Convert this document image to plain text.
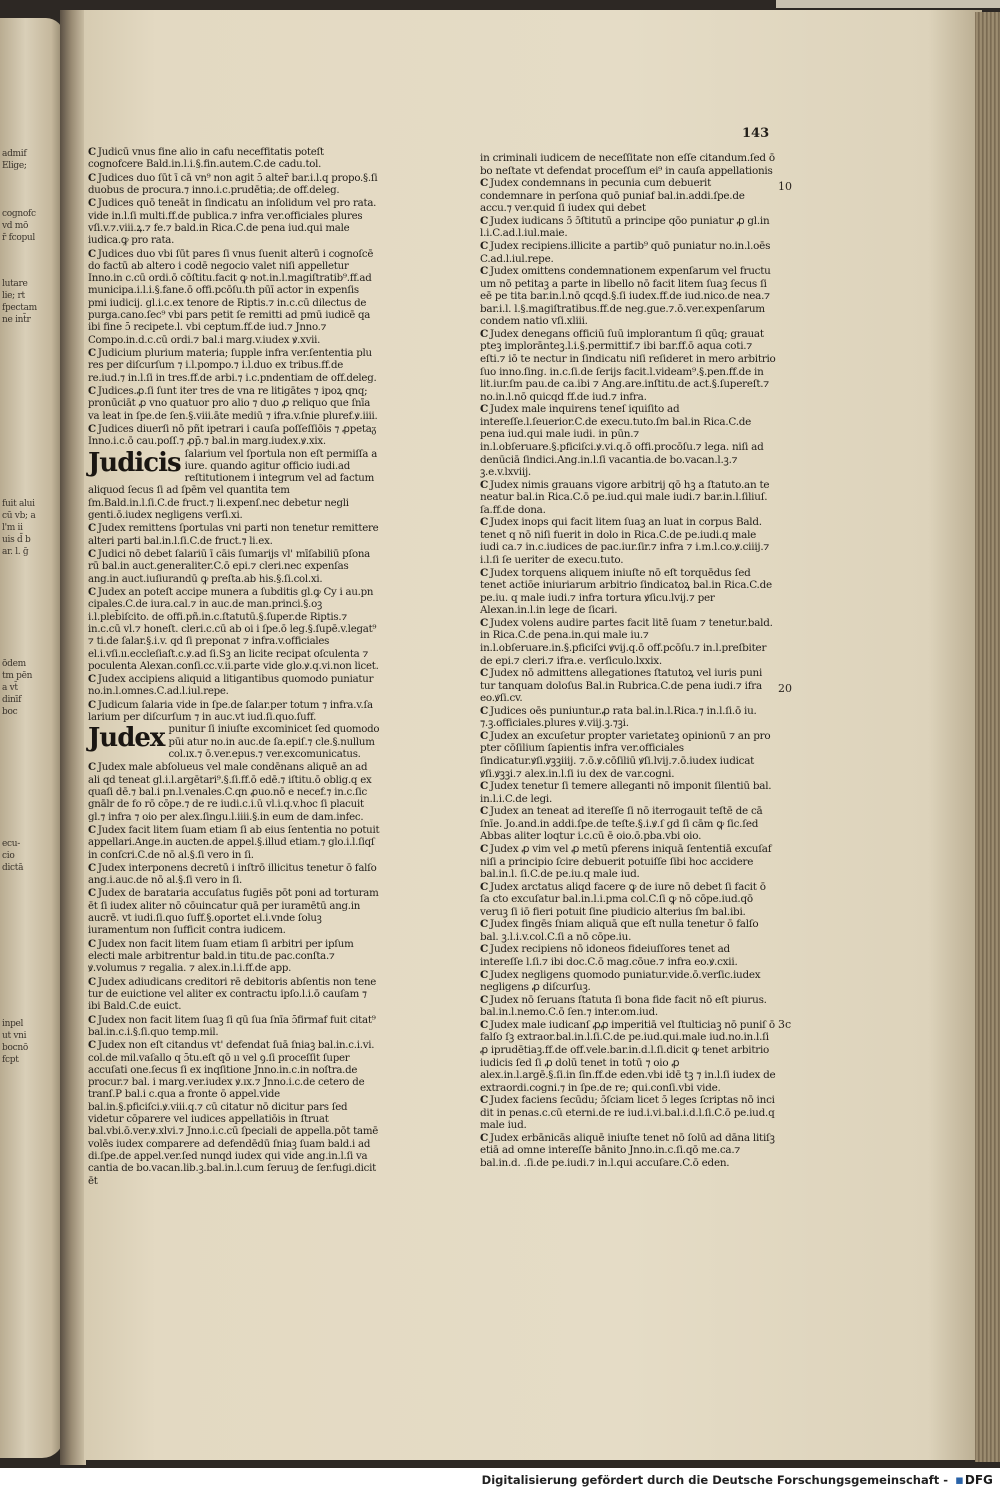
admif
Elige;
cognofc
vd mō
r̄ fcopul
lutare
lie; rt
fpectam
ne int̄r
fuit alui
cū vb; a
l'm ii
uis d̄ b
ar. l. ḡ
ōdem
tm pēn
a vt̄
dinīf
boc
ecu-
cio
dictā
inpel
ut vni
bocnō
fcpt
143
10
20
3c

C Judicū vnus fine alio in cafu neceffitatis poteſt cognofcere Bald.in.l.i.§.fin.autem.C.de cadu.tol.

C Judices duo ſūt ī cā vn⁹ non agit ɔ̄ alter̄ bar.i.l.q propo.§.ſi duobus de procura.⁊ inno.i.c.prudētia;.de off.deleg.

C Judices quō teneāt in ſindicatu an inſolidum vel pro rata. vide in.l.ſi multi.ff.de publica.⁊ infra ver.officiales plures vſi.v.⁊.viii.ꝝ.⁊ fe.⁊ bald.in Rica.C.de pena iud.qui male iudica.ꝙ pro rata.

C Judices duo vbi ſūt pares ſi vnus ſuenit alterū i cognoſcē do factū ab altero i codē negocio valet niſi appelletur Inno.in c.cū ordi.ō cōſtitu.facit ꝙ not.in.l.magiſtratib⁹.ff.ad municipa.i.l.i.§.fane.ō offi.pcōſu.th pūī actor in expenſis pmi iudicij. gl.i.c.ex tenore de Riptis.⁊ in.c.cū dilectus de purga.cano.ſec⁹ vbi pars petit ſe remitti ad pmū iudicē qa ibi fine ɔ̄ recipete.l. vbi ceptum.ff.de iud.⁊ Jnno.⁊ Compo.in.d.c.cū ordi.⁊ bal.i marg.v.iudex ꝟ.xvii.

C Judicium plurium materia; ſupple infra ver.ſententia plu res per diſcurſum ⁊ i.l.pompo.⁊ i.l.duo ex tribus.ff.de re.iud.⁊ in.l.ſi in tres.ff.de arbi.⁊ i.c.pndentiam de off.deleg.

C Judices.ꝓ.ſi ſunt iter tres de vna re litigātes ⁊ ipoꝝ qnq; pronūciāt ꝓ vno quatuor pro alio ⁊ duo ꝓ reliquo que ſnīa va leat in ſpe.de ſen.§.viii.āte mediū ⁊ ifra.v.ſnie pluref.ꝟ.iiii.

C Judices diuerſi nō pñt ipetrari i cauſa poſſeſſiōis ⁊ ꝓpetaᵹ Inno.i.c.ō cau.poſſ.⁊ ꝓp̄.⁊ bal.in marg.iudex.ꝟ.xix.

Judicis ſalarium vel ſportula non eſt permiſſa a iure. quando agitur officio iudi.ad reſtitutionem i integrum vel ad factum aliquod ſecus ſi ad ſpēm vel quantita tem ſm.Bald.in.l.ſi.C.de fruct.⁊ li.expenſ.nec debetur negli genti.ō.iudex negligens verſi.xi.

C Judex remittens ſportulas vni parti non tenetur remittere alteri parti bal.in.l.ſi.C.de fruct.⁊ li.ex.

C Judici nō debet ſalariū ī cāis ſumarijs vl' mīſabiliū pſona rū bal.in auct.generaliter.C.ō epi.⁊ cleri.nec expenſas ang.in auct.iuſiurandū ꝙ preſta.ab his.§.ſi.col.xi.

C Judex an poteſt accipe munera a ſubditis gl.ꝙ Cy i au.pn cipales.C.de iura.cal.⁊ in auc.de man.princi.§.oꝫ i.l.pleb̄iſcito. de offi.pñ.in.c.ſtatutū.§.ſuper.de Riptis.⁊ in.c.cū vl.⁊ honeſt. cleri.c.cū ab oi i ſpe.ō leg.§.ſupē.v.legat⁹ ⁊ ti.de ſalar.§.i.v. qd ſi preponat ⁊ infra.v.officiales el.i.vſi.ıı.eccleſiaſt.c.ꝟ.ad ſi.Sꝫ an licite recipat oſculenta ⁊ poculenta Alexan.conſi.cc.v.ii.parte vide glo.ꝟ.q.vi.non licet.

C Judex accipiens aliquid a litigantibus quomodo puniatur no.in.l.omnes.C.ad.l.iul.repe.

C Judicum ſalaria vide in ſpe.de ſalar.per totum ⁊ infra.v.ſa larium per diſcurſum ⁊ in auc.vt iud.ſi.quo.ſuff.

Judex punitur ſi iniuſte excominicet ſed quomodo pūi atur no.in auc.de ſa.epiſ.⁊ cle.§.nullum col.ıx.⁊ ō.ver.epus.⁊ ver.excomunicatus.

C Judex male abſolueus vel male condēnans aliquē an ad ali qd teneat gl.i.l.argētari⁹.§.ſi.ff.ō edē.⁊ iſtitu.ō oblig.q ex quaſi dē.⁊ bal.i pn.l.venales.C.qn ꝓuo.nō e necef.⁊ in.c.ſic gnālr de fo rō cōpe.⁊ de re iudi.c.i.ū vl.i.q.v.hoc ſi placuit gl.⁊ infra ⁊ oio per alex.ſingu.l.iiii.§.in eum de dam.infec.

C Judex facit litem ſuam etiam ſi ab eius ſententia no potuit appellari.Ange.in aucten.de appel.§.illud etiam.⁊ glo.i.l.ſiqſ in conſcri.C.de nō al.§.ſi vero in ſi.

C Judex interponens decretū i inſtrō illicitus tenetur ō falſo ang.i.auc.de nō al.§.ſi vero in ſi.

C Judex de barataria accuſatus fugiēs pōt poni ad torturam ēt ſi iudex aliter nō cōuincatur quā per iuramētū ang.in aucrē. vt iudi.ſi.quo ſuff.§.oportet el.i.vnde ſoluꝫ iuramentum non ſufficit contra iudicem.

C Judex non facit litem ſuam etiam ſi arbitri per ipſum electi male arbitrentur bald.in titu.de pac.conſta.⁊ ꝟ.volumus ⁊ regalia. ⁊ alex.in.l.i.ff.de app.

C Judex adiudicans creditori rē debitoris abſentis non tene tur de euictione vel aliter ex contractu ipſo.l.i.ō cauſam ⁊ ibi Bald.C.de euict.

C Judex non facit litem ſuaꝫ ſi qū ſua ſnīa ɔ̄firmaf fuit citat⁹ bal.in.c.i.§.ſi.quo temp.mil.

C Judex non eſt citandus vt' defendat ſuā ſniaꝫ bal.in.c.i.vi. col.de mil.vaſallo q ɔ̄tu.eſt qō ıı vel ꝯ.ſi proceſſit ſuper accuſati one.ſecus ſi ex inqſitione Jnno.in.c.in noſtra.de procur.⁊ bal. i marg.ver.iudex ꝟ.ıx.⁊ Jnno.i.c.de cetero de tranſ.P bal.i c.qua a fronte ō appel.vide bal.in.§.pficiſci.ꝟ.viii.q.⁊ cū citatur nō dicitur pars ſed videtur cōparere vel iudices appellatiōis in ſtruat bal.vbi.ō.ver.ꝟ.xlvi.⁊ Jnno.i.c.cū ſpeciali de appella.pōt tamē volēs iudex comparere ad defendēdū ſniaꝫ ſuam bald.i ad di.ſpe.de appel.ver.ſed nunqd iudex qui vide ang.in.l.ſi va cantia de bo.vacan.lib.ꝫ.bal.in.l.cum ſeruuꝫ de ſer.fugi.dicit ēt

in criminali iudicem de neceſſitate non eſſe citandum.ſed ō bo neſtate vt defendat proceſſum ei⁹ in cauſa appellationis

C Judex condemnans in pecunia cum debuerit condemnare in perſona quō puniaf bal.in.addi.ſpe.de accu.⁊ ver.quid ſi iudex qui debet

C Judex iudicans ɔ̄ ɔ̄ſtitutū a principe qōo puniatur ꝓ gl.in l.i.C.ad.l.iul.maie.

C Judex recipiens.illicite a partib⁹ quō puniatur no.in.l.oēs C.ad.l.iul.repe.

C Judex omittens condemnationem expenſarum vel fructu um nō petitaꝫ a parte in libello nō facit litem ſuaꝫ ſecus ſi eē pe tita bar.in.l.nō qcqd.§.ſi iudex.ff.de iud.nico.de nea.⁊ bar.i.l. l.§.magiſtratibus.ff.de neg.gue.⁊.ō.ver.expenſarum condem natio vſi.xliii.

C Judex denegans officiū ſuū implorantum ſi qūq; grauat pteꝫ implorānteꝫ.l.i.§.permittif.⁊ ibi bar.ff.ō aqua coti.⁊ eſti.⁊ iō te nectur in ſindicatu niſi reſideret in mero arbitrio ſuo inno.ſing. in.c.ſi.de ſerijs facit.l.videam⁹.§.pen.ff.de in lit.iur.ſm pau.de ca.ibi ⁊ Ang.are.inſtitu.de act.§.ſupereſt.⁊ no.in.l.nō quicqd ff.de iud.⁊ infra.

C Judex male inquirens teneſ iquiſito ad intereſſe.l.ſeuerior.C.de execu.tuto.ſm bal.in Rica.C.de pena iud.qui male iudi. in pūn.⁊ in.l.obſeruare.§.pficiſci.ꝟ.vi.q.ō offi.procōſu.⁊ lega. niſi ad denūciā ſindici.Ang.in.l.ſi vacantia.de bo.vacan.l.ꝫ.⁊ ꝫ.e.v.lxviij.

C Judex nimis grauans vigore arbitrij qō hꝫ a ſtatuto.an te neatur bal.in Rica.C.ō pe.iud.qui male iudi.⁊ bar.in.l.ſiliuſ. ſa.ff.de dona.

C Judex inops qui facit litem ſuaꝫ an luat in corpus Bald. tenet q nō niſi fuerit in dolo in Rica.C.de pe.iudi.q male iudi ca.⁊ in.c.iudices de pac.iur.ſir.⁊ infra ⁊ i.m.l.co.ꝟ.ciiij.⁊ i.l.ſi ſe ueriter de execu.tuto.

C Judex torquens aliquem iniuſte nō eſt torquēdus ſed tenet actiōe iniuriarum arbitrio ſindicatoꝝ bal.in Rica.C.de pe.iu. q male iudi.⁊ infra tortura ꝟſicu.lvij.⁊ per Alexan.in.l.in lege de ſicari.

C Judex volens audire partes facit litē ſuam ⁊ tenetur.bald. in Rica.C.de pena.in.qui male iu.⁊ in.l.obſeruare.in.§.pficiſci ꝟvij.q.ō off.pcōſu.⁊ in.l.preſbiter de epi.⁊ cleri.⁊ ifra.e. verſiculo.lxxix.

C Judex nō admittens allegationes ſtatutoꝝ vel iuris puni tur tanquam doloſus Bal.in Rubrica.C.de pena iudi.⁊ ifra eo.ꝟſi.cv.

C Judices oēs puniuntur.ꝓ rata bal.in.l.Rica.⁊ in.l.ſi.ō iu. ⁊.ꝫ.officiales.plures ꝟ.viij.ꝫ.⁊ꝫi.

C Judex an excuſetur propter varietateꝫ opinionū ⁊ an pro pter cōſilium ſapientis infra ver.officiales ſindicatur.ꝟſi.ꝟꝫꝫiiij. ⁊.ō.ꝟ.cōſiliū ꝟſi.lvij.⁊.ō.iudex iudicat ꝟſi.ꝟꝫꝫi.⁊ alex.in.l.ſi iu dex de var.cogni.

C Judex tenetur ſi temere alleganti nō imponit ſilentiū bal. in.l.i.C.de legi.

C Judex an teneat ad itereſſe ſi nō iterrogauit teſtē de cā ſnīe. Jo.and.in addi.ſpe.de teſte.§.i.ꝟ.ſ gd ſi cām ꝙ ſic.ſed Abbas aliter loqtur i.c.cū ē oio.ō.pba.vbi oio.

C Judex ꝓ vim vel ꝓ metū pferens iniquā ſententiā excuſaf niſi a principio ſcire debuerit potuiſſe ſibi hoc accidere bal.in.l. ſi.C.de pe.iu.q male iud.

C Judex arctatus aliqd facere ꝙ de iure nō debet ſi facit ō ſa cto excuſatur bal.in.l.i.pma col.C.ſi ꝙ nō cōpe.iud.qō veruꝫ ſi iō fieri potuit ſine piudicio alterius ſm bal.ibi.

C Judex fingēs ſniam aliquā que eſt nulla tenetur ō falſo bal. ꝫ.l.i.v.col.C.ſi a nō cōpe.iu.

C Judex recipiens nō idoneos fideiuſſores tenet ad intereſſe l.ſi.⁊ ibi doc.C.ō mag.cōue.⁊ infra eo.ꝟ.cxii.

C Judex negligens quomodo puniatur.vide.ō.verſic.iudex negligens ꝓ diſcurſuꝫ.

C Judex nō ſeruans ſtatuta ſi bona fide facit nō eſt piurus. bal.in.l.nemo.C.ō ſen.⁊ inter.om.iud.

C Judex male iudicanſ ꝓꝓ imperitiā vel ſtulticiaꝫ nō puniſ ō falſo ſꝫ extraor.bal.in.l.ſi.C.de pe.iud.qui.male iud.no.in.l.ſi ꝓ iprudētiaꝫ.ff.de off.vele.bar.in.d.l.ſi.dicit ꝙ tenet arbitrio iudicis ſed ſi ꝓ dolū tenet in totū ⁊ oio ꝓ alex.in.l.argē.§.ſi.in ſin.ff.de eden.vbi idē tꝫ ⁊ in.l.ſi iudex de extraordi.cogni.⁊ in ſpe.de re; qui.conſi.vbi vide.

C Judex faciens ſecūdu; ɔ̄ſciam licet ɔ̄ leges ſcriptas nō inci dit in penas.c.cū eterni.de re iud.i.vi.bal.i.d.l.ſi.C.ō pe.iud.q male iud.

C Judex erbānicās aliquē iniuſte tenet nō ſolū ad dāna litiſꝫ etiā ad omne intereſſe bānito Jnno.in.c.ſi.qō me.ca.⁊ bal.in.d. .ſi.de pe.iudi.⁊ in.l.qui accuſare.C.ō eden.

Digitalisierung gefördert durch die Deutsche Forschungsgemeinschaft - ▪DFG
